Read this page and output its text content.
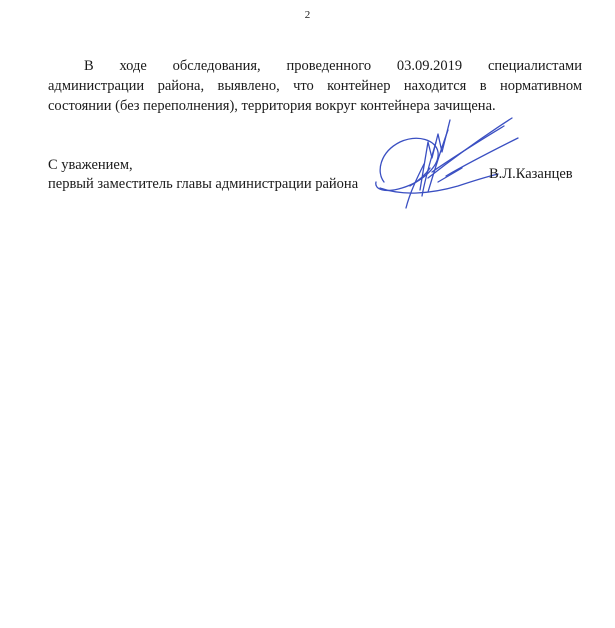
2
В ходе обследования, проведенного 03.09.2019 специалистами
администрации района, выявлено, что контейнер находится в нормативном
состоянии (без переполнения), территория вокруг контейнера зачищена.
С уважением,
первый заместитель главы администрации района
В.Л.Казанцев
